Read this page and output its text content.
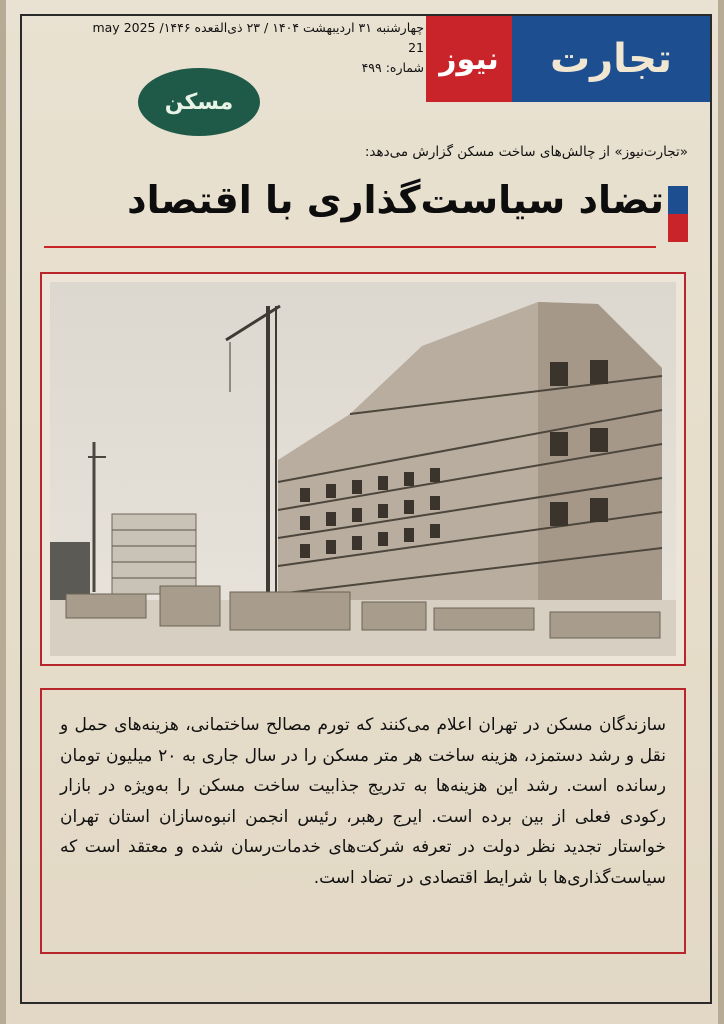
نیوز تجارت
چهارشنبه ۳۱ اردیبهشت ۱۴۰۴ / ۲۳ ذی‌القعده ۱۴۴۶/ 2025 may 21
شماره: ۴۹۹
مسکن
«تجارت‌نیوز» از چالش‌های ساخت مسکن گزارش می‌دهد:
تضاد سیاست‌گذاری با اقتصاد
سازندگان مسکن در تهران اعلام می‌کنند که تورم مصالح ساختمانی، هزینه‌های حمل و نقل و رشد دستمزد، هزینه ساخت هر متر مسکن را در سال جاری به ۲۰ میلیون تومان رسانده است. رشد این هزینه‌ها به تدریج جذابیت ساخت مسکن را به‌ویژه در بازار رکودی فعلی از بین برده است. ایرج رهبر، رئیس انجمن انبوه‌سازان استان تهران خواستار تجدید نظر دولت در تعرفه شرکت‌های خدمات‌رسان شده و معتقد است که سیاست‌گذاری‌ها با شرایط اقتصادی در تضاد است.
